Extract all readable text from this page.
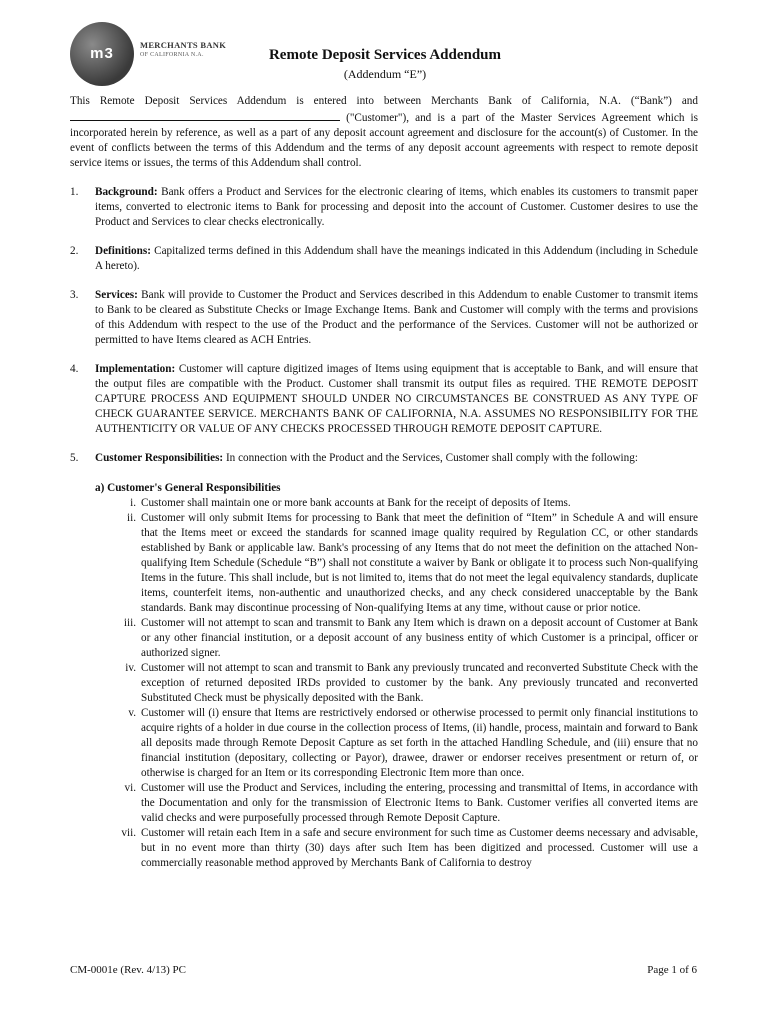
m3	MERCHANTS BANK
OF CALIFORNIA N.A.	Remote Deposit Services Addendum
(Addendum “E”)

This Remote Deposit Services Addendum is entered into between Merchants Bank of California, N.A. (“Bank”) and  ("Customer"), and is a part of the Master Services Agreement which is incorporated herein by reference, as well as a part of any deposit account agreement and disclosure for the account(s) of Customer. In the event of conflicts between the terms of this Addendum and the terms of any deposit account agreements with respect to remote deposit service items or issues, the terms of this Addendum shall control.

1. Background: Bank offers a Product and Services for the electronic clearing of items, which enables its customers to transmit paper items, converted to electronic items to Bank for processing and deposit into the account of Customer. Customer desires to use the Product and Services to clear checks electronically.
2. Definitions: Capitalized terms defined in this Addendum shall have the meanings indicated in this Addendum (including in Schedule A hereto).
3. Services: Bank will provide to Customer the Product and Services described in this Addendum to enable Customer to transmit items to Bank to be cleared as Substitute Checks or Image Exchange Items. Bank and Customer will comply with the terms and provisions of this Addendum with respect to the use of the Product and the performance of the Services. Customer will not be authorized or permitted to have Items cleared as ACH Entries.
4. Implementation: Customer will capture digitized images of Items using equipment that is acceptable to Bank, and will ensure that the output files are compatible with the Product. Customer shall transmit its output files as required. THE REMOTE DEPOSIT CAPTURE PROCESS AND EQUIPMENT SHOULD UNDER NO CIRCUMSTANCES BE CONSTRUED AS ANY TYPE OF CHECK GUARANTEE SERVICE. MERCHANTS BANK OF CALIFORNIA, N.A. ASSUMES NO RESPONSIBILITY FOR THE AUTHENTICITY OR VALUE OF ANY CHECKS PROCESSED THROUGH REMOTE DEPOSIT CAPTURE.
5. Customer Responsibilities: In connection with the Product and the Services, Customer shall comply with the following:
a) Customer's General Responsibilities
i. Customer shall maintain one or more bank accounts at Bank for the receipt of deposits of Items.
ii. Customer will only submit Items for processing to Bank that meet the definition of “Item” in Schedule A and will ensure that the Items meet or exceed the standards for scanned image quality required by Regulation CC, or other standards established by Bank or applicable law. Bank's processing of any Items that do not meet the definition on the attached Non-qualifying Item Schedule (Schedule “B”) shall not constitute a waiver by Bank or obligate it to process such Non-qualifying Items in the future. This shall include, but is not limited to, items that do not meet the legal equivalency standards, duplicate items, counterfeit items, non-authentic and unauthorized checks, and any check considered unacceptable by the Bank standards. Bank may discontinue processing of Non-qualifying Items at any time, without cause or prior notice.
iii. Customer will not attempt to scan and transmit to Bank any Item which is drawn on a deposit account of Customer at Bank or any other financial institution, or a deposit account of any business entity of which Customer is a principal, officer or authorized signer.
iv. Customer will not attempt to scan and transmit to Bank any previously truncated and reconverted Substitute Check with the exception of returned deposited IRDs provided to customer by the bank. Any previously truncated and reconverted Substituted Check must be physically deposited with the Bank.
v. Customer will (i) ensure that Items are restrictively endorsed or otherwise processed to permit only financial institutions to acquire rights of a holder in due course in the collection process of Items, (ii) handle, process, maintain and forward to Bank all deposits made through Remote Deposit Capture as set forth in the attached Handling Schedule, and (iii) ensure that no financial institution (depositary, collecting or Payor), drawee, drawer or endorser receives presentment or return of, or otherwise is charged for an Item or its corresponding Electronic Item more than once.
vi. Customer will use the Product and Services, including the entering, processing and transmittal of Items, in accordance with the Documentation and only for the transmission of Electronic Items to Bank. Customer verifies all converted items are valid checks and were purposefully processed through Remote Deposit Capture.
vii. Customer will retain each Item in a safe and secure environment for such time as Customer deems necessary and advisable, but in no event more than thirty (30) days after such Item has been digitized and processed. Customer will use a commercially reasonable method approved by Merchants Bank of California to destroy
CM-0001e (Rev. 4/13) PC	Page 1 of 6
